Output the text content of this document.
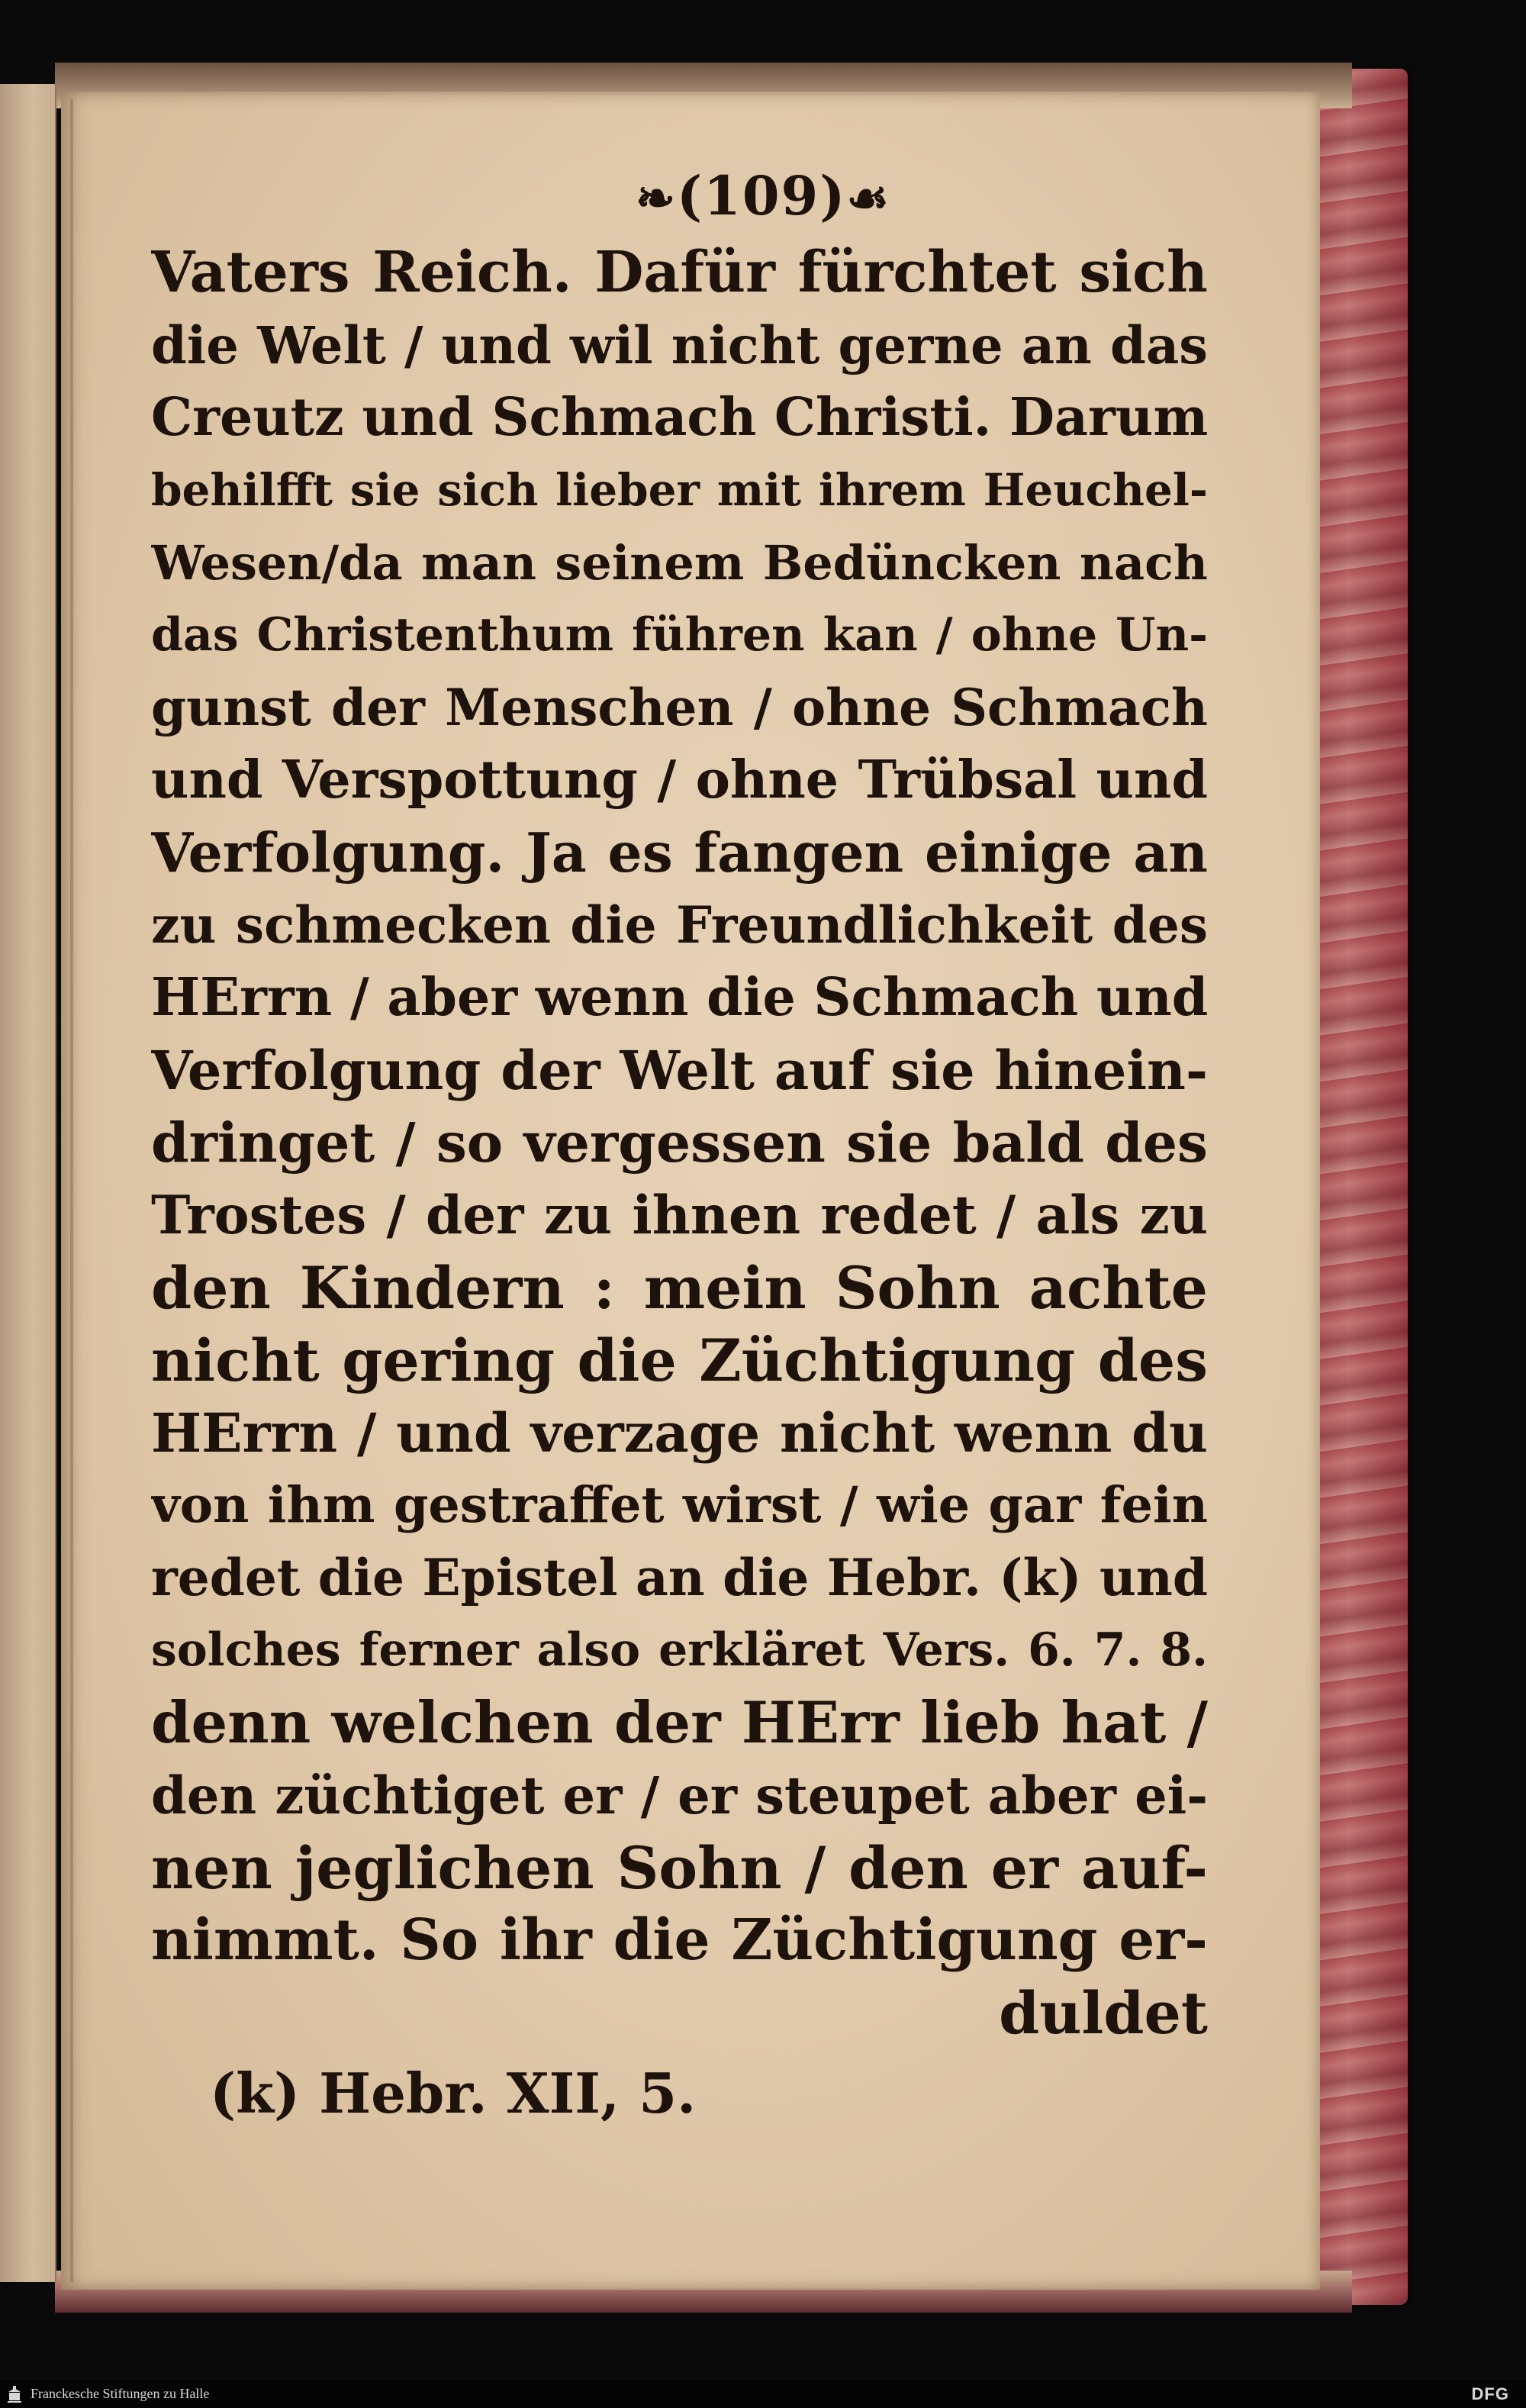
❧(109)☙
Vaters Reich. Dafür fürchtet sich
die Welt / und wil nicht gerne an das
Creutz und Schmach Christi. Darum
behilfft sie sich lieber mit ihrem Heuchel-
Wesen/da man seinem Bedüncken nach
das Christenthum führen kan / ohne Un-
gunst der Menschen / ohne Schmach
und Verspottung / ohne Trübsal und
Verfolgung. Ja es fangen einige an
zu schmecken die Freundlichkeit des
HErrn / aber wenn die Schmach und
Verfolgung der Welt auf sie hinein-
dringet / so vergessen sie bald des
Trostes / der zu ihnen redet / als zu
den Kindern : mein Sohn achte
nicht gering die Züchtigung des
HErrn / und verzage nicht wenn du
von ihm gestraffet wirst / wie gar fein
redet die Epistel an die Hebr. (k) und
solches ferner also erkläret Vers. 6. 7. 8.
denn welchen der HErr lieb hat /
den züchtiget er / er steupet aber ei-
nen jeglichen Sohn / den er auf-
nimmt. So ihr die Züchtigung er-
duldet
(k) Hebr. XII, 5.
Franckesche Stiftungen zu Halle	DFG
